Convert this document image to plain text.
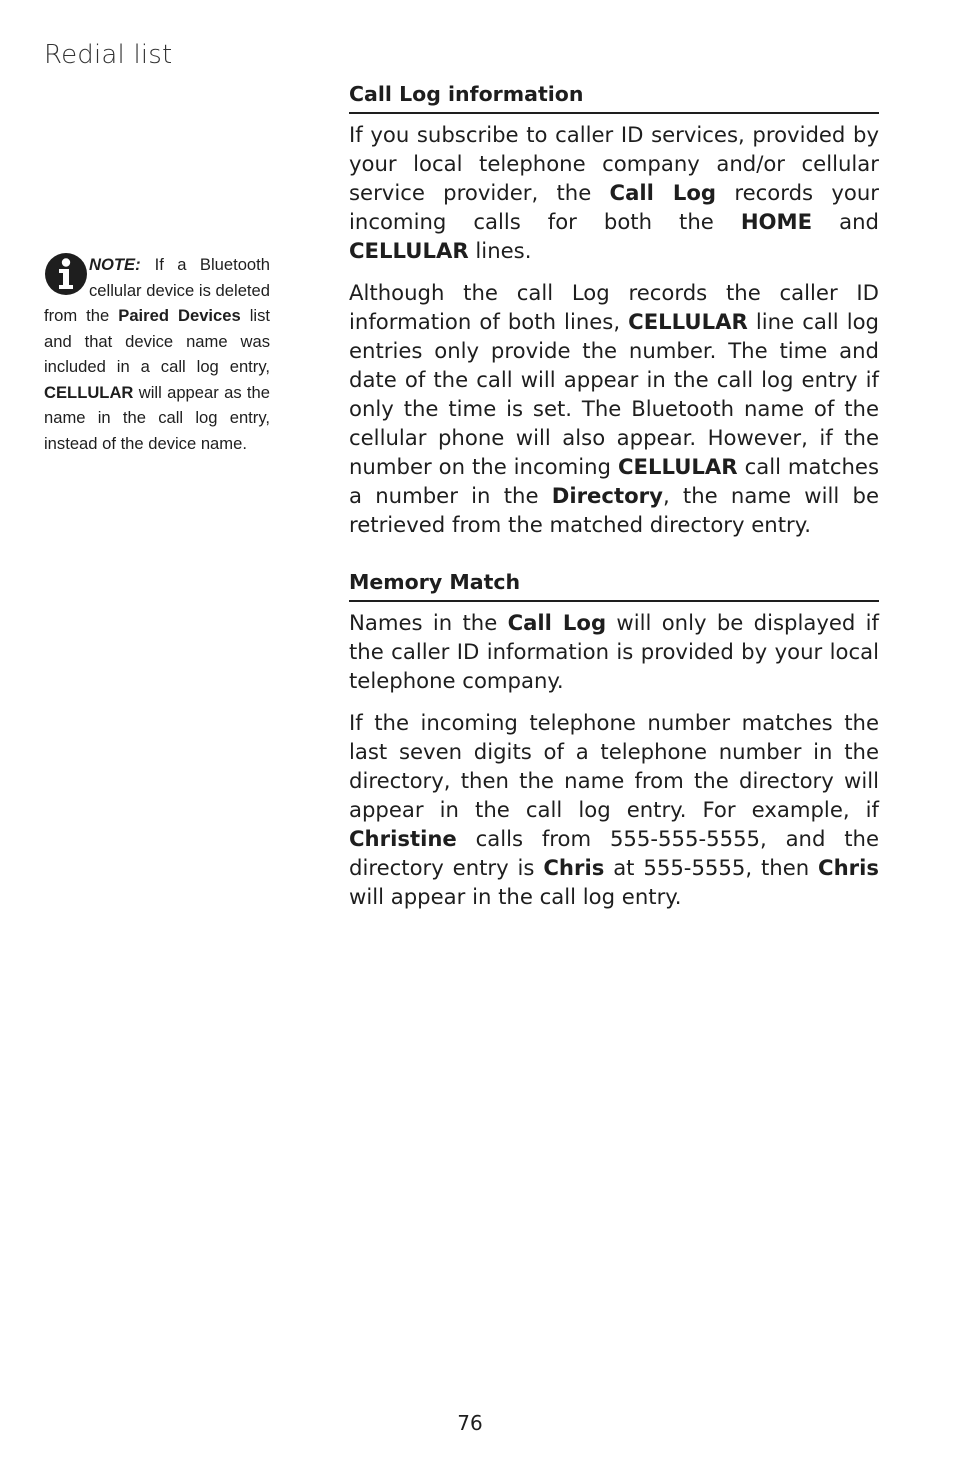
Redial list
NOTE: If a Bluetooth cellular device is deleted from the Paired Devices list and that device name was included in a call log entry, CELLULAR will appear as the name in the call log entry, instead of the device name.
Call Log information

If you subscribe to caller ID services, provided by your local telephone company and/or cellular service provider, the Call Log records your incoming calls for both the HOME and CELLULAR lines.

Although the call Log records the caller ID information of both lines, CELLULAR line call log entries only provide the number. The time and date of the call will appear in the call log entry if only the time is set. The Bluetooth name of the cellular phone will also appear. However, if the number on the incoming CELLULAR call matches a number in the Directory, the name will be retrieved from the matched directory entry.

Memory Match

Names in the Call Log will only be displayed if the caller ID information is provided by your local telephone company.

If the incoming telephone number matches the last seven digits of a telephone number in the directory, then the name from the directory will appear in the call log entry. For example, if Christine calls from 555-555-5555, and the directory entry is Chris at 555-5555, then Chris will appear in the call log entry.

76
